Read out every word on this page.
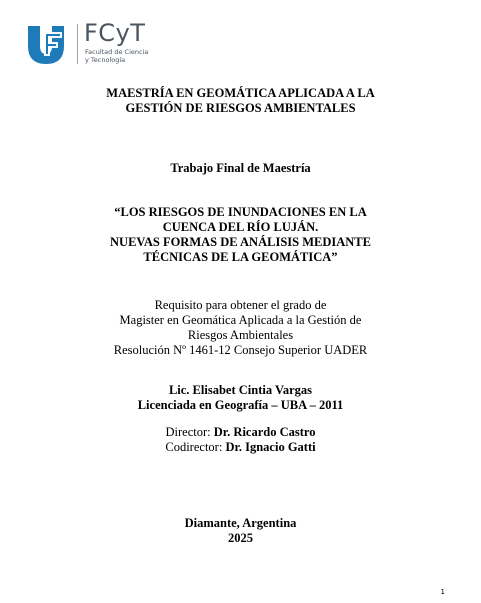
FCyT
Facultad de Ciencia
y Tecnología
MAESTRÍA EN GEOMÁTICA APLICADA A LA
GESTIÓN DE RIESGOS AMBIENTALES
Trabajo Final de Maestría
“LOS RIESGOS DE INUNDACIONES EN LA
CUENCA DEL RÍO LUJÁN.
NUEVAS FORMAS DE ANÁLISIS MEDIANTE
TÉCNICAS DE LA GEOMÁTICA”
Requisito para obtener el grado de
Magister en Geomática Aplicada a la Gestión de
Riesgos Ambientales
Resolución Nº 1461-12 Consejo Superior UADER
Lic. Elisabet Cintia Vargas
Licenciada en Geografía – UBA – 2011
Director: Dr. Ricardo Castro
Codirector: Dr. Ignacio Gatti
Diamante, Argentina
2025
1
